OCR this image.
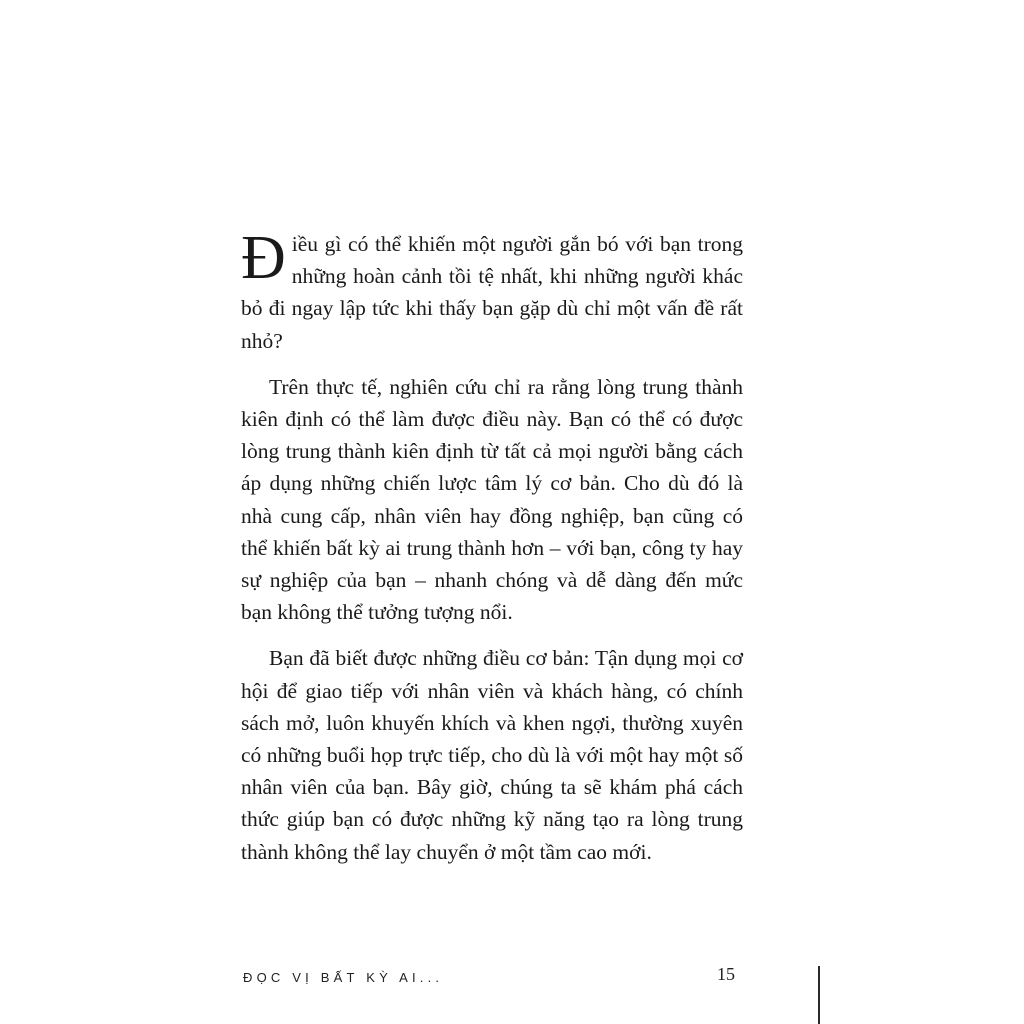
Điều gì có thể khiến một người gắn bó với bạn trong những hoàn cảnh tồi tệ nhất, khi những người khác bỏ đi ngay lập tức khi thấy bạn gặp dù chỉ một vấn đề rất nhỏ?

Trên thực tế, nghiên cứu chỉ ra rằng lòng trung thành kiên định có thể làm được điều này. Bạn có thể có được lòng trung thành kiên định từ tất cả mọi người bằng cách áp dụng những chiến lược tâm lý cơ bản. Cho dù đó là nhà cung cấp, nhân viên hay đồng nghiệp, bạn cũng có thể khiến bất kỳ ai trung thành hơn – với bạn, công ty hay sự nghiệp của bạn – nhanh chóng và dễ dàng đến mức bạn không thể tưởng tượng nổi.

Bạn đã biết được những điều cơ bản: Tận dụng mọi cơ hội để giao tiếp với nhân viên và khách hàng, có chính sách mở, luôn khuyến khích và khen ngợi, thường xuyên có những buổi họp trực tiếp, cho dù là với một hay một số nhân viên của bạn. Bây giờ, chúng ta sẽ khám phá cách thức giúp bạn có được những kỹ năng tạo ra lòng trung thành không thể lay chuyển ở một tầm cao mới.

ĐỌC VỊ BẤT KỲ AI...	15
